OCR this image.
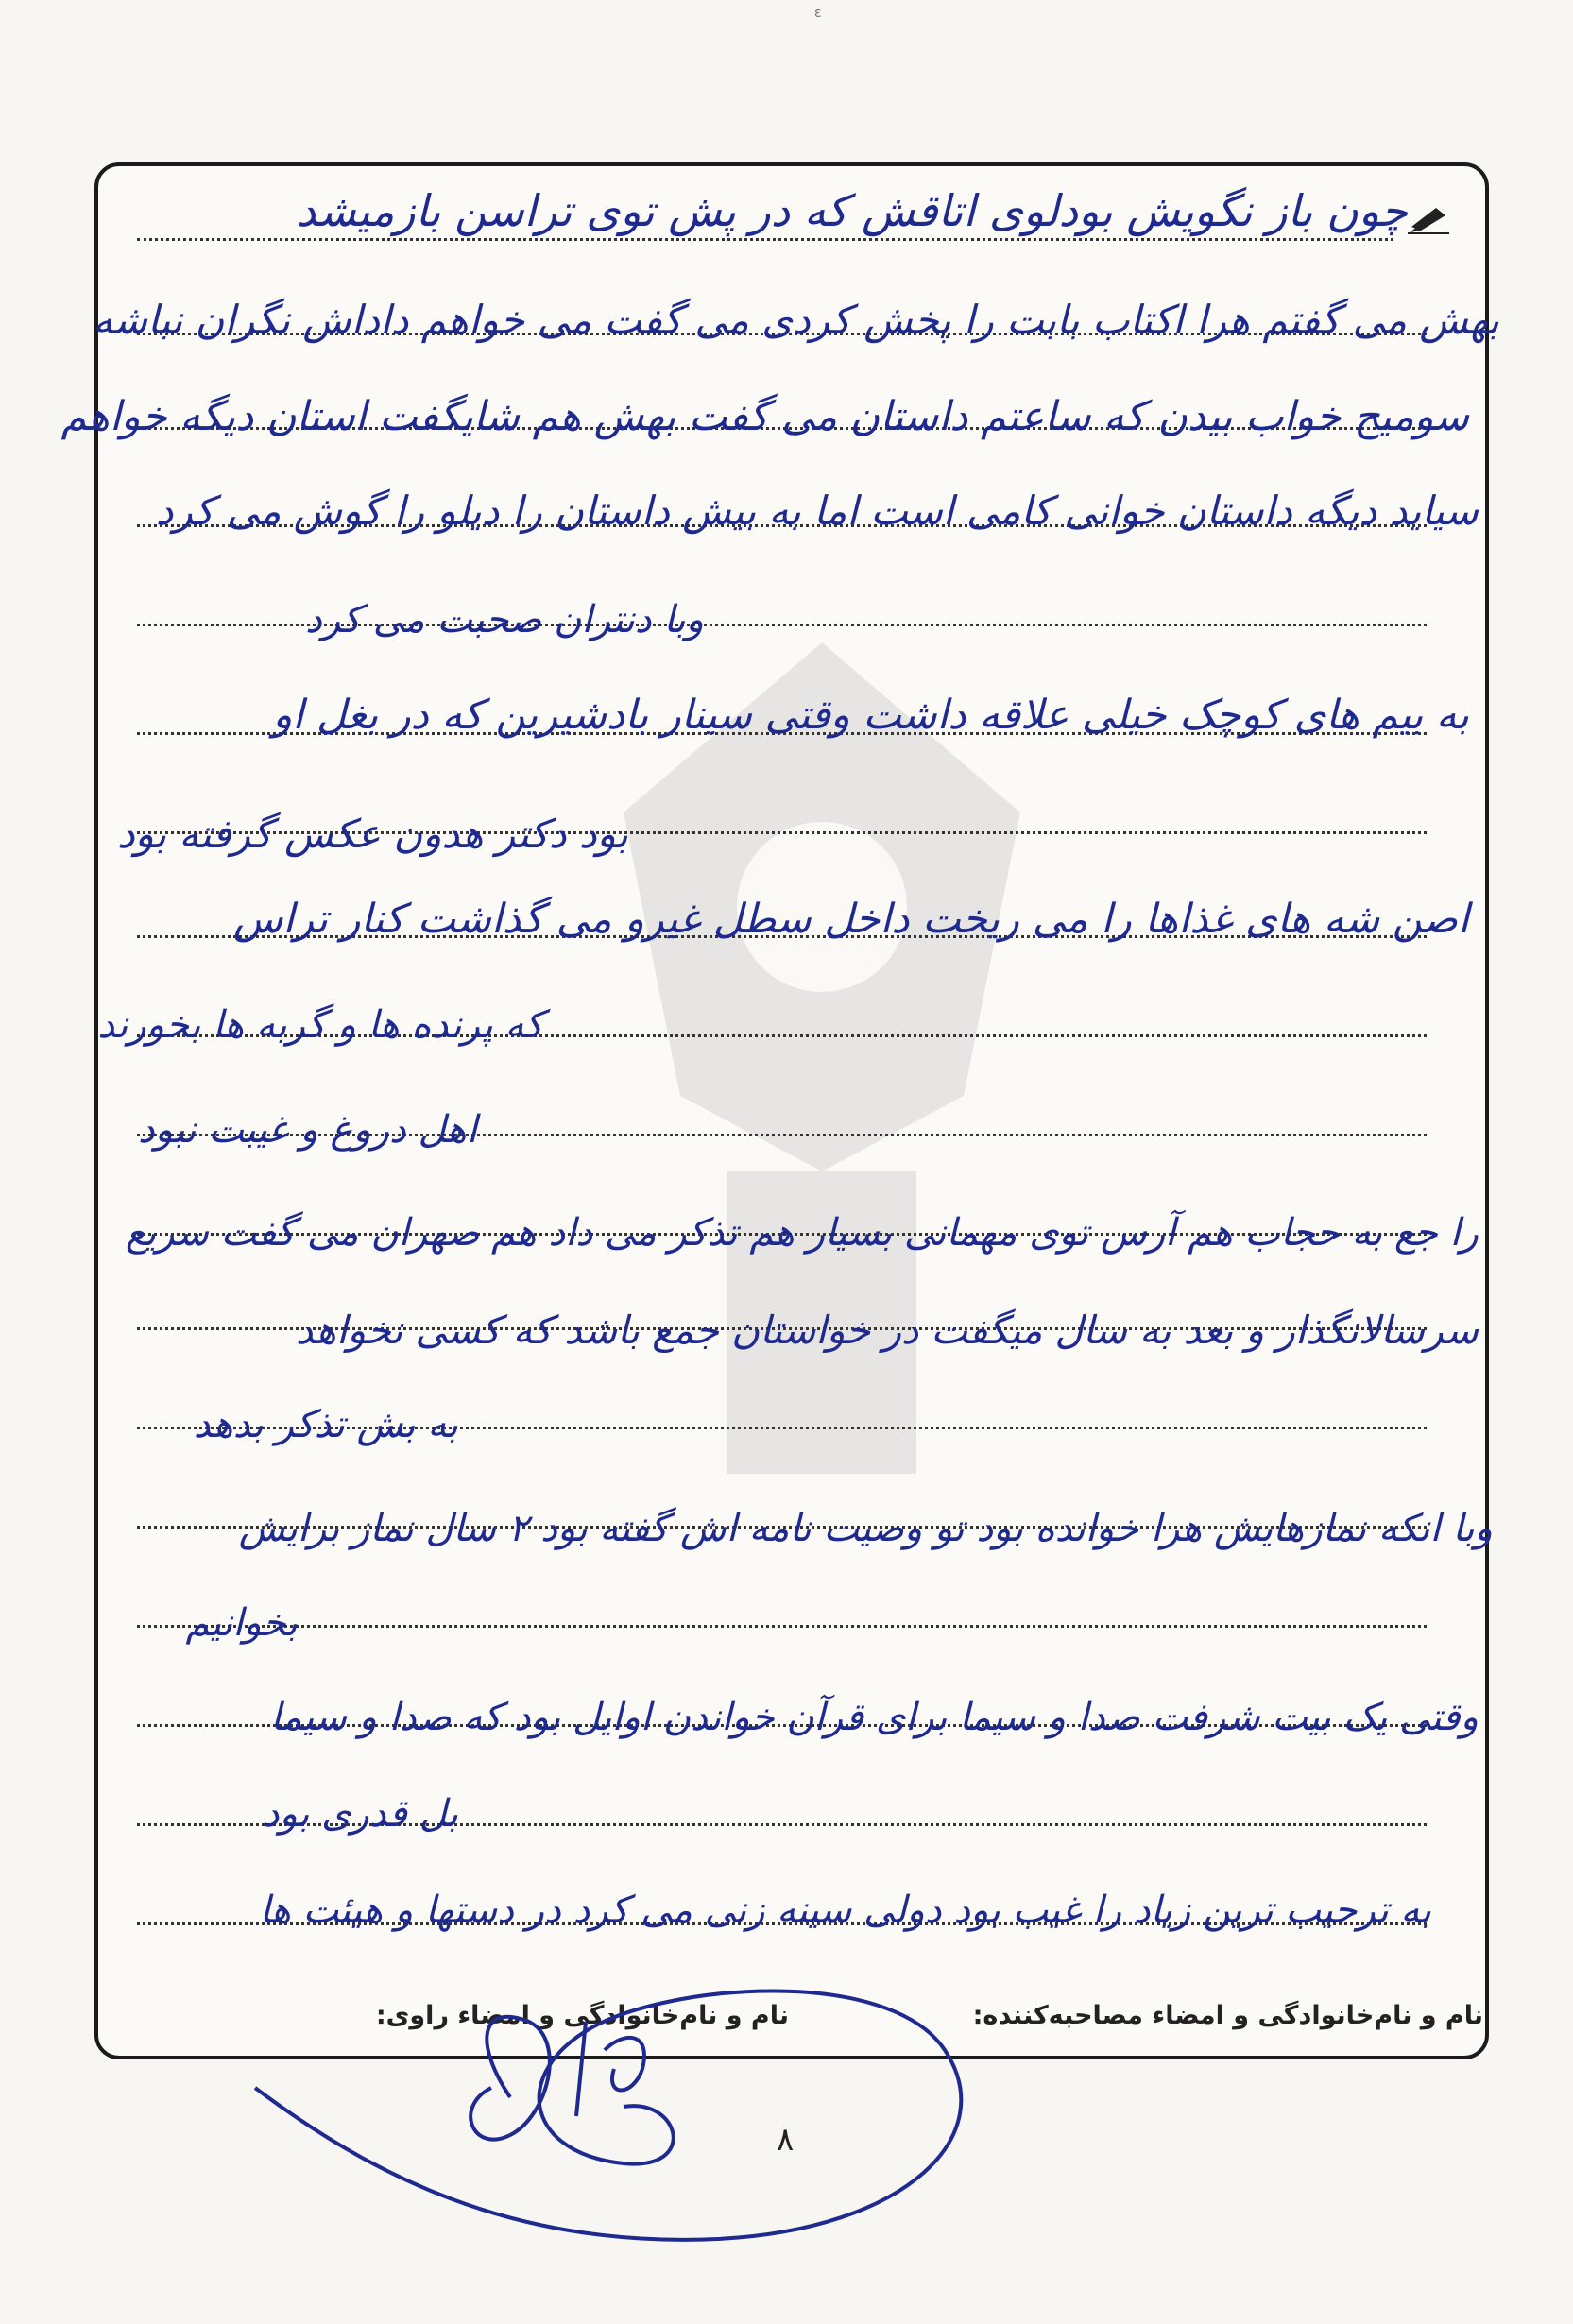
ε
چون باز نگویش بودلوی اتاقش که در پش توی تراسن بازمیشد
بهش می گفتم هرا اکتاب بابت را پخش کردی می گفت می خواهم داداش نگران نباشه
سومیح خواب بیدن که ساعتم داستان می گفت بهش هم شایگفت استان دیگه خواهم
سیاید دیگه داستان خوانی کامی است اما به بیش داستان را دیلو را گوش می کرد
وبا دنتران صحبت می کرد
به بیم های کوچک خیلی علاقه داشت وقتی سینار بادشیرین که در بغل او
بود دکتر هدون عکس گرفته بود
اصن شه های غذاها را می ریخت داخل سطل غیرو می گذاشت کنار تراس
که پرنده ها و گربه ها بخورند
اهل دروغ و غیبت نبود
را جع به حجاب هم آرس توی مهمانی بسیار هم تذکر می داد هم صهران می گفت سریع
سرسالانگذار و بعد به سال میگفت در خواستان جمع باشد که کسی نخواهد
به بش تذکر بدهد
وبا انکه نمازهایش هرا خوانده بود تو وصیت نامه اش گفته بود ۲ سال نماز برایش
بخوانیم
وقتی یک بیت شرفت صدا و سیما برای قرآن خواندن اوایل بود که صدا و سیما
بل قدری بود
به ترحیب ترین زیاد را غیب بود دولی سینه زنی می کرد در دستها و هیئت ها
نام و نام‌خانوادگی و امضاء مصاحبه‌کننده:
نام و نام‌خانوادگی و امضاء راوی:
۸
